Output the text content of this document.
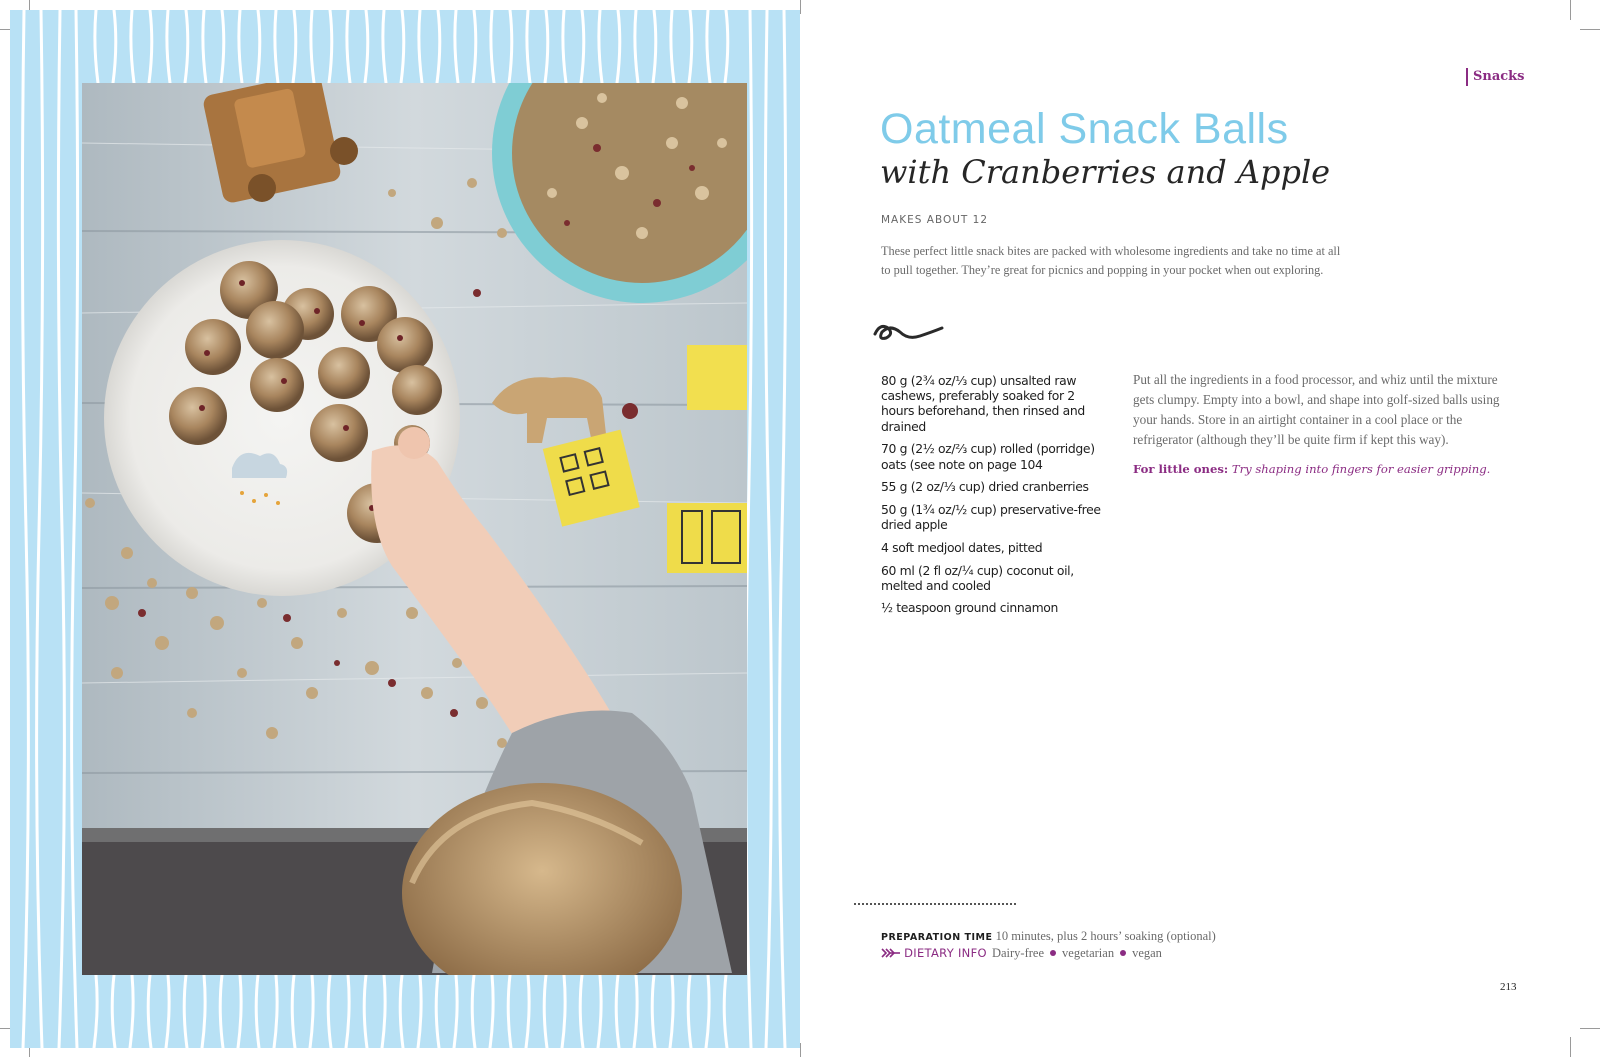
Snacks
Oatmeal Snack Balls
with Cranberries and Apple
MAKES ABOUT 12

These perfect little snack bites are packed with wholesome ingredients and take no time at all to pull together. They’re great for picnics and popping in your pocket when out exploring.

80 g (2¾ oz/⅓ cup) unsalted raw cashews, preferably soaked for 2 hours beforehand, then rinsed and drained
70 g (2½ oz/⅔ cup) rolled (porridge) oats (see note on page 104
55 g (2 oz/⅓ cup) dried cranberries
50 g (1¾ oz/½ cup) preservative-free dried apple
4 soft medjool dates, pitted
60 ml (2 fl oz/¼ cup) coconut oil, melted and cooled
½ teaspoon ground cinnamon

Put all the ingredients in a food processor, and whiz until the mixture gets clumpy. Empty into a bowl, and shape into golf-sized balls using your hands. Store in an airtight container in a cool place or the refrigerator (although they’ll be quite firm if kept this way).

For little ones: Try shaping into fingers for easier gripping.
PREPARATION TIME 10 minutes, plus 2 hours’ soaking (optional)
DIETARY INFO Dairy-free vegetarian vegan
213
